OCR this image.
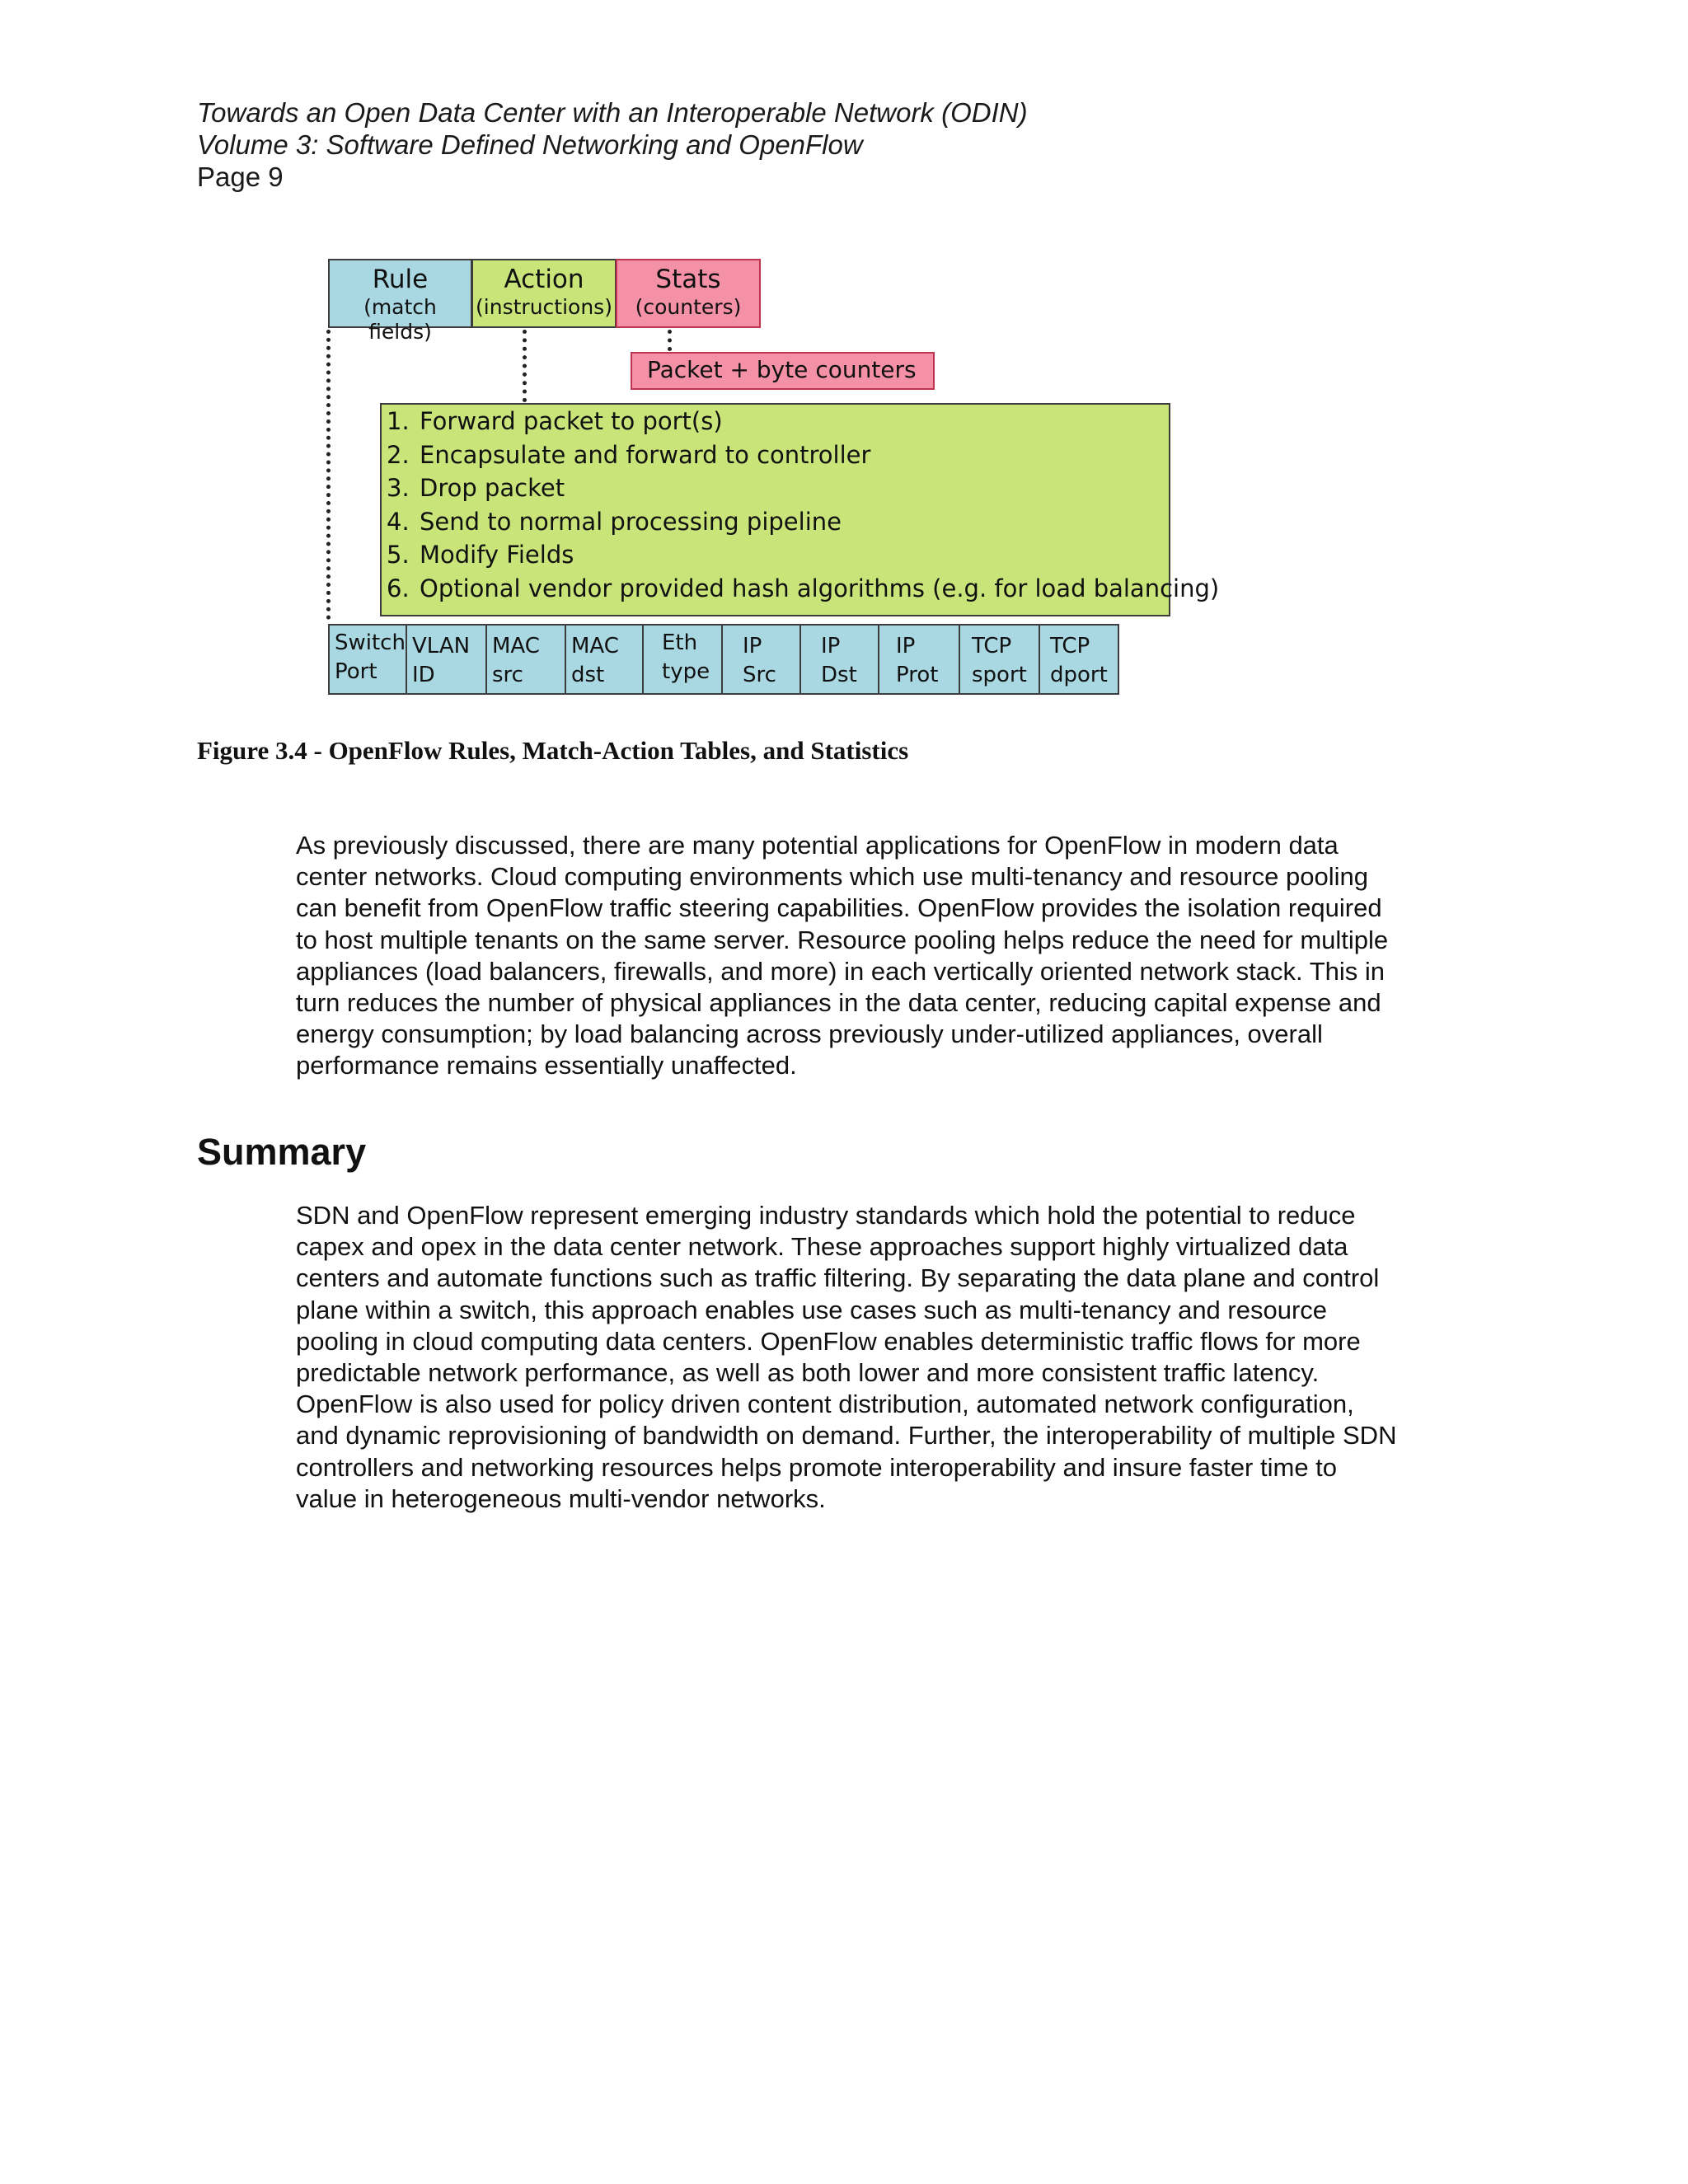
Towards an Open Data Center with an Interoperable Network (ODIN)

Volume 3: Software Defined Networking and OpenFlow

Page 9

Rule
(match fields)
Action
(instructions)
Stats
(counters)
Packet + byte counters
1. Forward packet to port(s)
2. Encapsulate and forward to controller
3. Drop packet
4. Send to normal processing pipeline
5. Modify Fields
6. Optional vendor provided hash algorithms (e.g. for load balancing)
Switch
Port
VLAN
ID
MAC
src
MAC
dst
Eth
type
IP
Src
IP
Dst
IP
Prot
TCP
sport
TCP
dport

Figure 3.4 - OpenFlow Rules, Match-Action Tables, and Statistics

As previously discussed, there are many potential applications for OpenFlow in modern data
center networks. Cloud computing environments which use multi-tenancy and resource pooling
can benefit from OpenFlow traffic steering capabilities. OpenFlow provides the isolation required
to host multiple tenants on the same server. Resource pooling helps reduce the need for multiple
appliances (load balancers, firewalls, and more) in each vertically oriented network stack. This in
turn reduces the number of physical appliances in the data center, reducing capital expense and
energy consumption; by load balancing across previously under-utilized appliances, overall
performance remains essentially unaffected.

Summary

SDN and OpenFlow represent emerging industry standards which hold the potential to reduce
capex and opex in the data center network. These approaches support highly virtualized data
centers and automate functions such as traffic filtering. By separating the data plane and control
plane within a switch, this approach enables use cases such as multi-tenancy and resource
pooling in cloud computing data centers. OpenFlow enables deterministic traffic flows for more
predictable network performance, as well as both lower and more consistent traffic latency.
OpenFlow is also used for policy driven content distribution, automated network configuration,
and dynamic reprovisioning of bandwidth on demand. Further, the interoperability of multiple SDN
controllers and networking resources helps promote interoperability and insure faster time to
value in heterogeneous multi-vendor networks.
